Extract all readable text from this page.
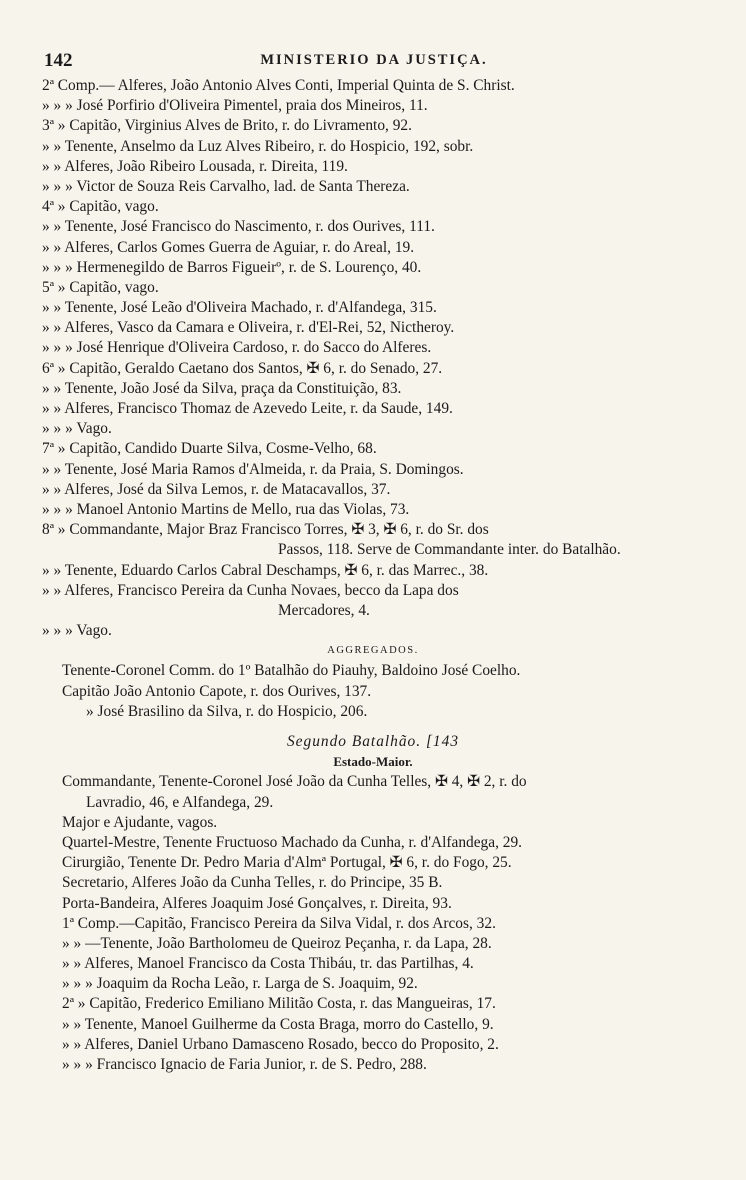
142	MINISTERIO DA JUSTIÇA.
2ª Comp.— Alferes, João Antonio Alves Conti, Imperial Quinta de S. Christ.
» » » José Porfirio d'Oliveira Pimentel, praia dos Mineiros, 11.
3ª » Capitão, Virginius Alves de Brito, r. do Livramento, 92.
» » Tenente, Anselmo da Luz Alves Ribeiro, r. do Hospicio, 192, sobr.
» » Alferes, João Ribeiro Lousada, r. Direita, 119.
» » » Victor de Souza Reis Carvalho, lad. de Santa Thereza.
4ª » Capitão, vago.
» » Tenente, José Francisco do Nascimento, r. dos Ourives, 111.
» » Alferes, Carlos Gomes Guerra de Aguiar, r. do Areal, 19.
» » » Hermenegildo de Barros Figueirº, r. de S. Lourenço, 40.
5ª » Capitão, vago.
» » Tenente, José Leão d'Oliveira Machado, r. d'Alfandega, 315.
» » Alferes, Vasco da Camara e Oliveira, r. d'El-Rei, 52, Nictheroy.
» » » José Henrique d'Oliveira Cardoso, r. do Sacco do Alferes.
6ª » Capitão, Geraldo Caetano dos Santos, ✠ 6, r. do Senado, 27.
» » Tenente, João José da Silva, praça da Constituição, 83.
» » Alferes, Francisco Thomaz de Azevedo Leite, r. da Saude, 149.
» » » Vago.
7ª » Capitão, Candido Duarte Silva, Cosme-Velho, 68.
» » Tenente, José Maria Ramos d'Almeida, r. da Praia, S. Domingos.
» » Alferes, José da Silva Lemos, r. de Matacavallos, 37.
» » » Manoel Antonio Martins de Mello, rua das Violas, 73.
8ª » Commandante, Major Braz Francisco Torres, ✠ 3, ✠ 6, r. do Sr. dos
Passos, 118. Serve de Commandante inter. do Batalhão.
» » Tenente, Eduardo Carlos Cabral Deschamps, ✠ 6, r. das Marrec., 38.
» » Alferes, Francisco Pereira da Cunha Novaes, becco da Lapa dos
Mercadores, 4.
» » » Vago.
AGGREGADOS.
Tenente-Coronel Comm. do 1º Batalhão do Piauhy, Baldoino José Coelho.
Capitão João Antonio Capote, r. dos Ourives, 137.
» José Brasilino da Silva, r. do Hospicio, 206.
Segundo Batalhão. [143
Estado-Maior.
Commandante, Tenente-Coronel José João da Cunha Telles, ✠ 4, ✠ 2, r. do
Lavradio, 46, e Alfandega, 29.
Major e Ajudante, vagos.
Quartel-Mestre, Tenente Fructuoso Machado da Cunha, r. d'Alfandega, 29.
Cirurgião, Tenente Dr. Pedro Maria d'Almª Portugal, ✠ 6, r. do Fogo, 25.
Secretario, Alferes João da Cunha Telles, r. do Principe, 35 B.
Porta-Bandeira, Alferes Joaquim José Gonçalves, r. Direita, 93.
1ª Comp.—Capitão, Francisco Pereira da Silva Vidal, r. dos Arcos, 32.
» » —Tenente, João Bartholomeu de Queiroz Peçanha, r. da Lapa, 28.
» » Alferes, Manoel Francisco da Costa Thibáu, tr. das Partilhas, 4.
» » » Joaquim da Rocha Leão, r. Larga de S. Joaquim, 92.
2ª » Capitão, Frederico Emiliano Militão Costa, r. das Mangueiras, 17.
» » Tenente, Manoel Guilherme da Costa Braga, morro do Castello, 9.
» » Alferes, Daniel Urbano Damasceno Rosado, becco do Proposito, 2.
» » » Francisco Ignacio de Faria Junior, r. de S. Pedro, 288.
